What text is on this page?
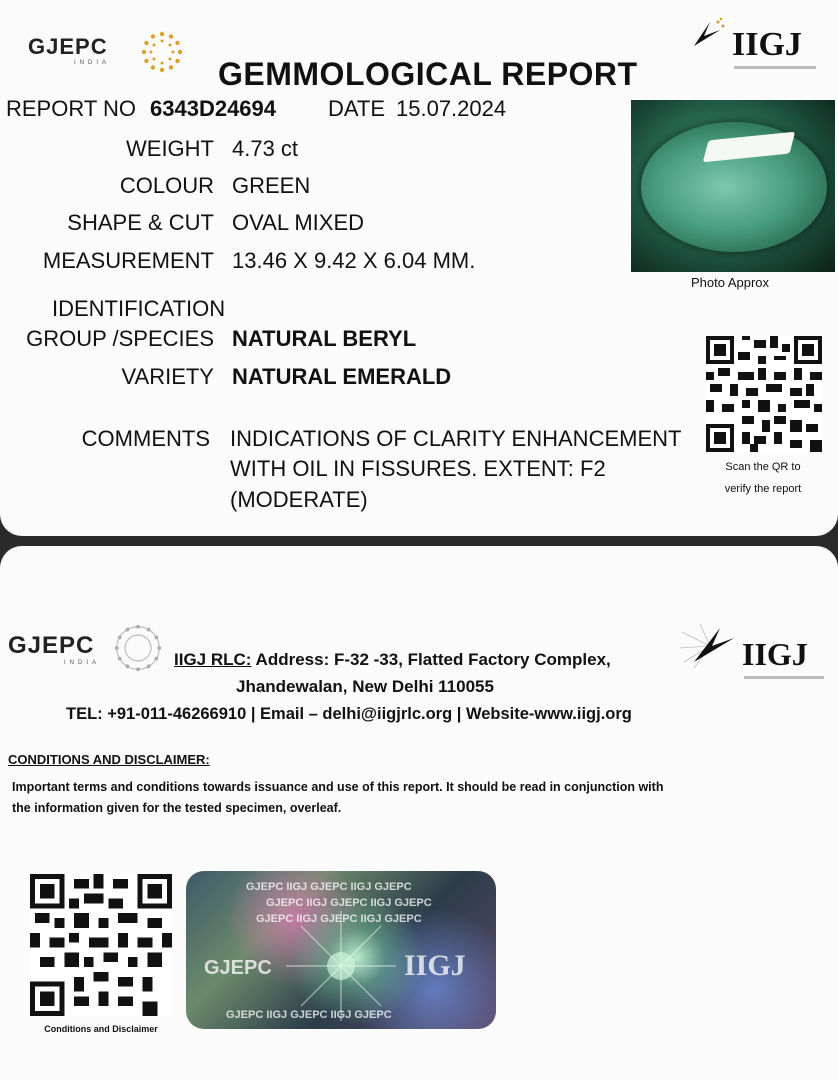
GJEPC
INDIA	IIGJ
GEMMOLOGICAL REPORT
REPORT NO 6343D24694 DATE 15.07.2024
WEIGHT 4.73 ct
COLOUR GREEN
SHAPE & CUT OVAL MIXED
MEASUREMENT 13.46 X 9.42 X 6.04 MM.
IDENTIFICATION
GROUP /SPECIES NATURAL BERYL
VARIETY NATURAL EMERALD
COMMENTS INDICATIONS OF CLARITY ENHANCEMENT
WITH OIL IN FISSURES. EXTENT: F2
(MODERATE)
Photo Approx
Scan the QR to
verify the report
GJEPC
INDIA	IIGJ
IIGJ RLC: Address: F-32 -33, Flatted Factory Complex,
Jhandewalan, New Delhi 110055
TEL: +91-011-46266910 | Email – delhi@iigjrlc.org | Website-www.iigj.org
CONDITIONS AND DISCLAIMER:
Important terms and conditions towards issuance and use of this report. It should be read in conjunction with
the information given for the tested specimen, overleaf.
Conditions and Disclaimer
GJEPC IIGJ GJEPC IIGJ GJEPC
GJEPC IIGJ GJEPC IIGJ GJEPC
GJEPC IIGJ GJEPC IIGJ GJEPC
GJEPC	IIGJ
GJEPC IIGJ GJEPC IIGJ GJEPC
